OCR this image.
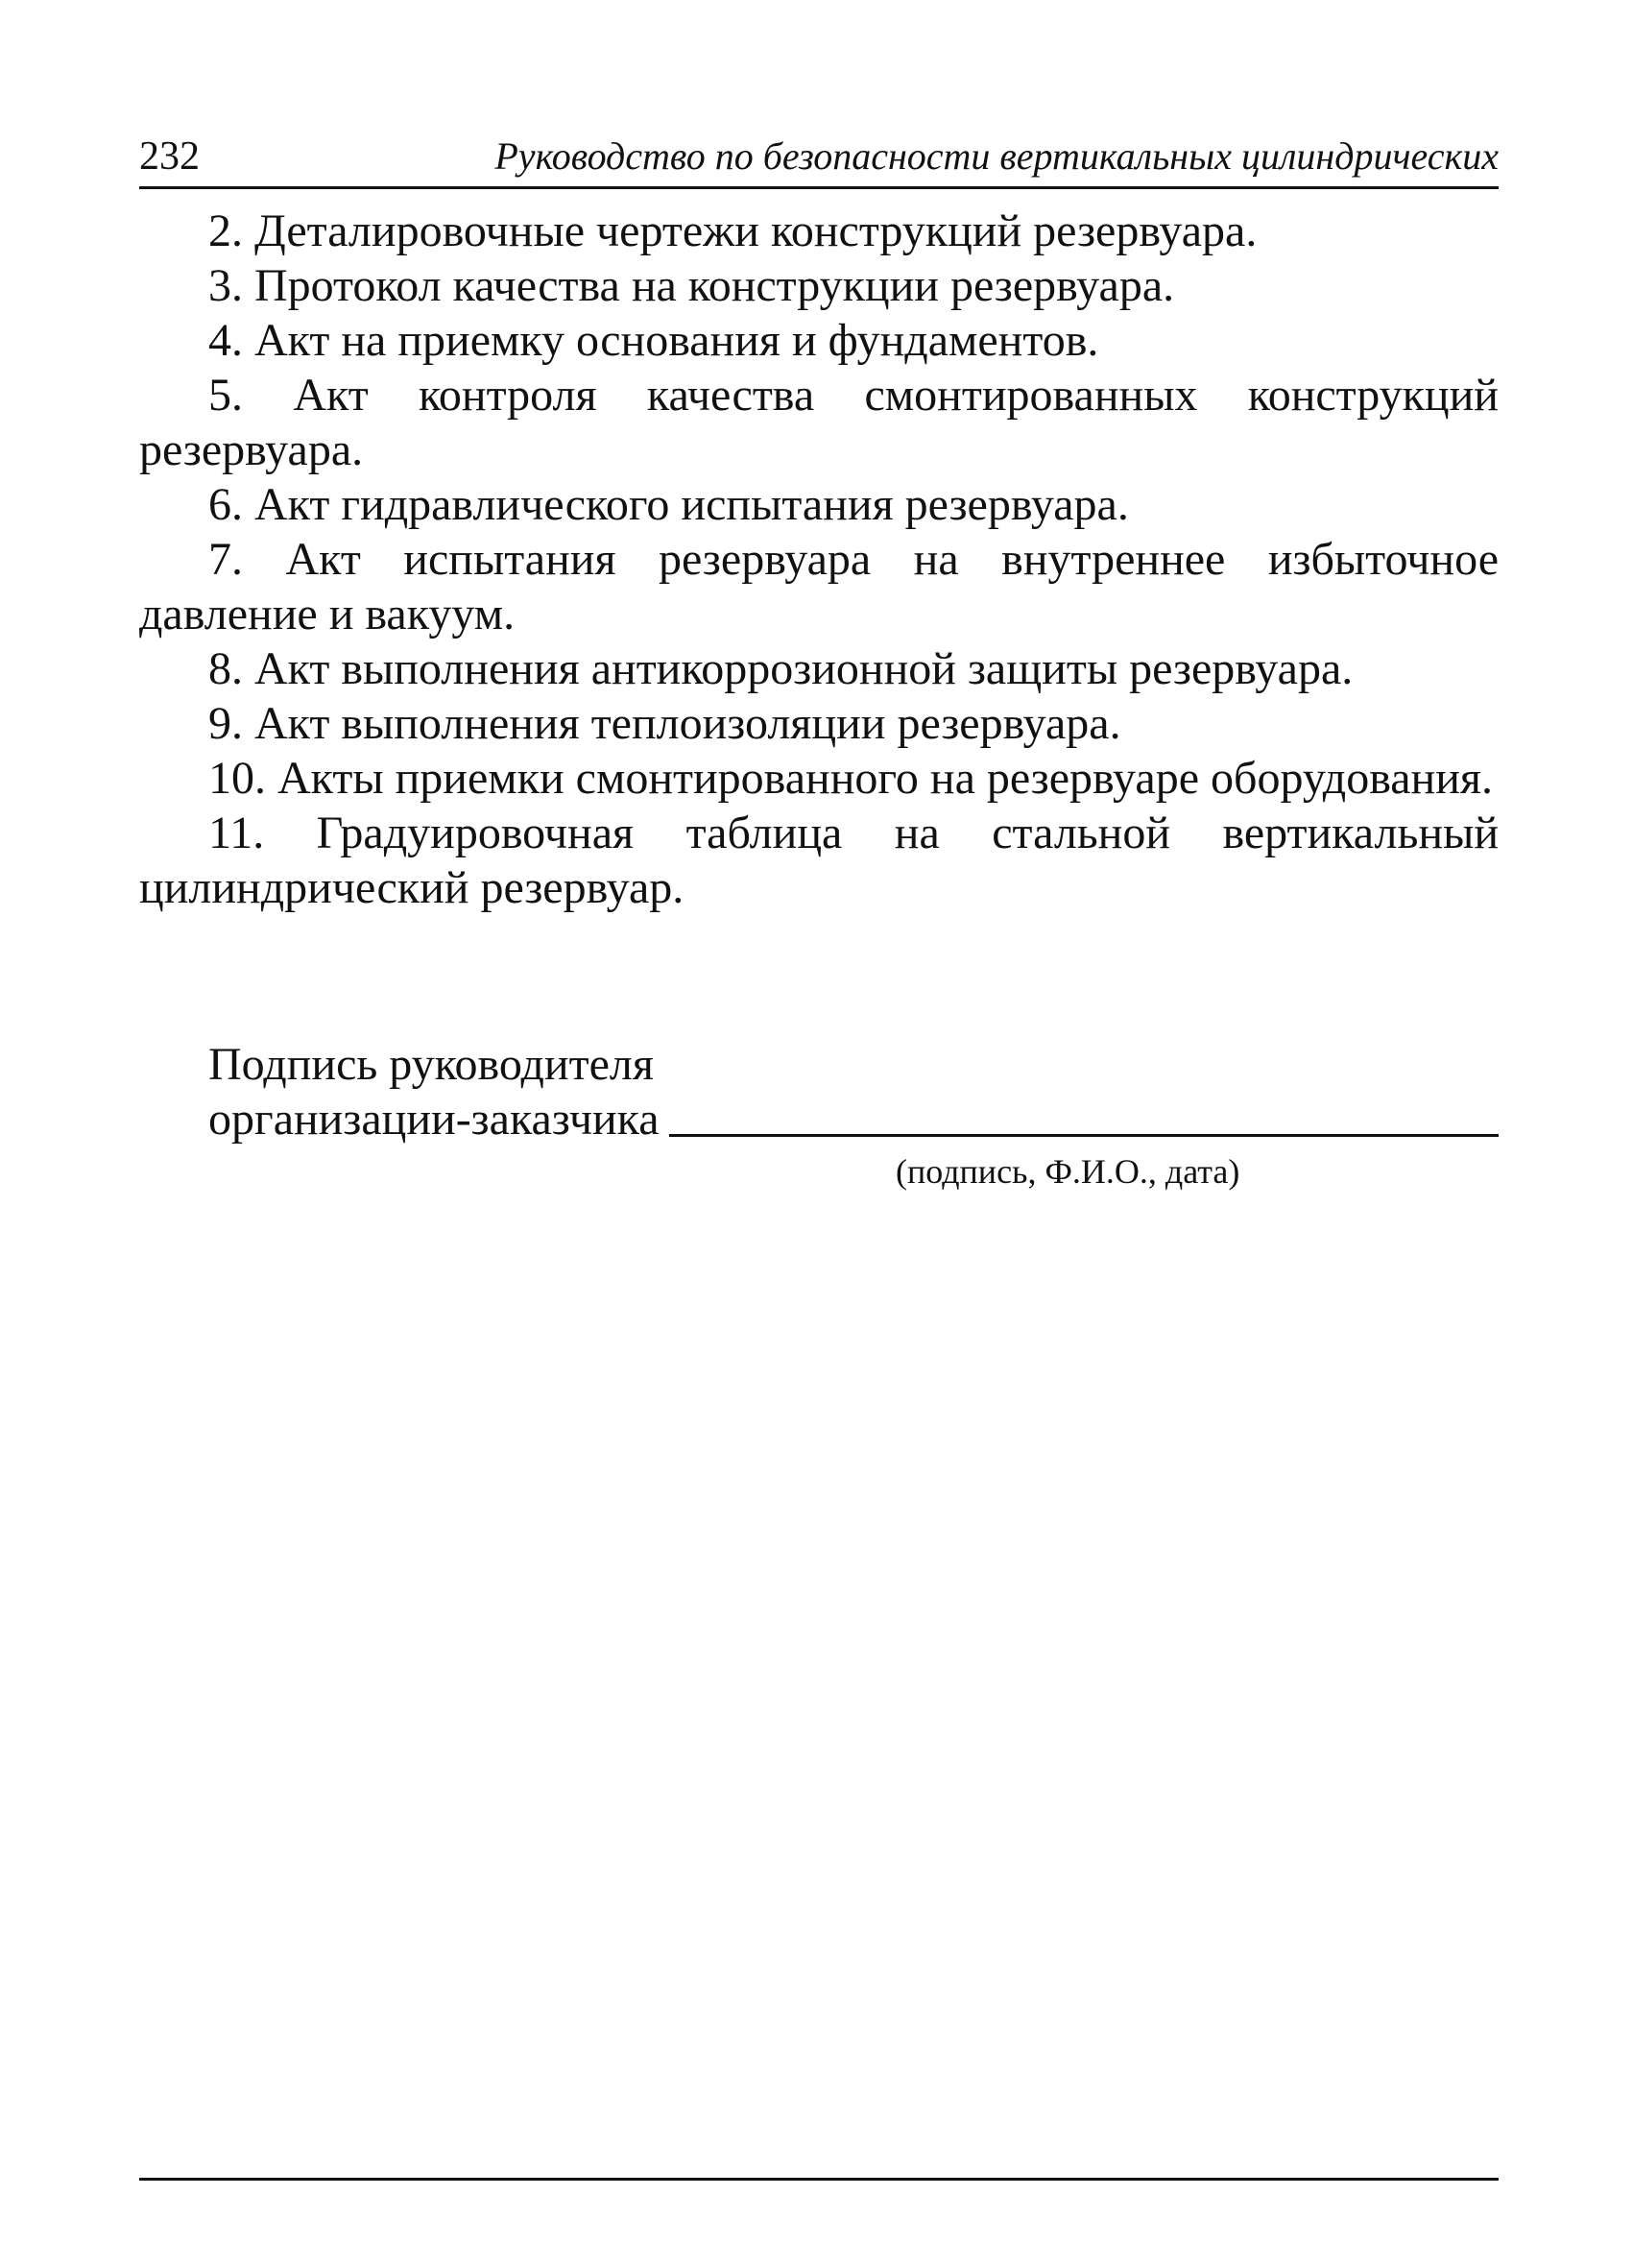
232	Руководство по безопасности вертикальных цилиндрических

2. Деталировочные чертежи конструкций резервуара.

3. Протокол качества на конструкции резервуара.

4. Акт на приемку основания и фундаментов.

5. Акт контроля качества смонтированных конструкций резервуара.

6. Акт гидравлического испытания резервуара.

7. Акт испытания резервуара на внутреннее избыточное давление и вакуум.

8. Акт выполнения антикоррозионной защиты резервуара.

9. Акт выполнения теплоизоляции резервуара.

10. Акты приемки смонтированного на резервуаре оборудования.

11. Градуировочная таблица на стальной вертикальный цилиндрический резервуар.

Подпись руководителя
организации-заказчика
(подпись, Ф.И.О., дата)
